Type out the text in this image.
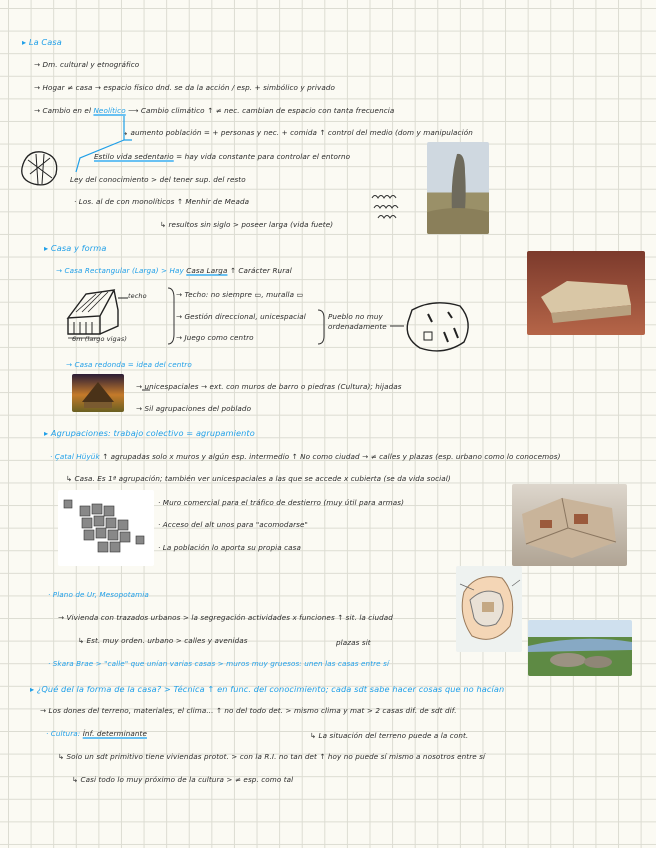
▸ La Casa
→ Dm. cultural y etnográfico
→ Hogar ≠ casa → espacio físico dnd. se da la acción / esp. + simbólico y privado
→ Cambio en el Neolítico ⟶ Cambio climático ↑ ≠ nec. cambian de espacio con tanta frecuencia
↳ aumento población = + personas y nec. + comida ↑ control del medio (dom y manipulación
Estilo vida sedentario = hay vida constante para controlar el entorno
Ley del conocimiento > del tener sup. del resto
· Los. al de con monolíticos ↑ Menhir de Meada
↳ resultos sin siglo > poseer larga (vida fuete)
▸ Casa y forma
→ Casa Rectangular (Larga) > Hay Casa Larga ↑ Carácter Rural
→ Techo: no siempre ▭, muralla ▭
→ Gestión direccional, unicespacial
→ Juego como centro
Pueblo no muy ordenadamente
→ Casa redonda = idea del centro
→ unicespaciales → ext. con muros de barro o piedras (Cultura); hijadas
→ Sil agrupaciones del poblado
▸ Agrupaciones: trabajo colectivo = agrupamiento
· Çatal Hüyük ↑ agrupadas solo x muros y algún esp. intermedio ↑ No como ciudad → ≠ calles y plazas (esp. urbano como lo conocemos)
↳ Casa. Es 1ª agrupación; también ver unicespaciales a las que se accede x cubierta (se da vida social)
· Muro comercial para el tráfico de destierro (muy útil para armas)
· Acceso del alt unos para "acomodarse"
· La población lo aporta su propia casa
· Plano de Ur, Mesopotamia
→ Vivienda con trazados urbanos > la segregación actividades x funciones ↑ sit. la ciudad
↳ Est. muy orden. urbano > calles y avenidas	plazas sit
· Skara Brae > "calle" que unían varias casas > muros muy gruesos: unen las casas entre sí
▸ ¿Qué del la forma de la casa? > Técnica ↑ en func. del conocimiento; cada sdt sabe hacer cosas que no hacían
→ Los dones del terreno, materiales, el clima... ↑ no del todo det. > mismo clima y mat > 2 casas dif. de sdt dif.
· Cultura: Ínf. determinante	↳ La situación del terreno puede a la cont.
↳ Solo un sdt primitivo tiene viviendas protot. > con la R.I. no tan det ↑ hoy no puede sí mismo a nosotros entre sí
↳ Casi todo lo muy próximo de la cultura > ≠ esp. como tal
techo
6m (largo vigas)
